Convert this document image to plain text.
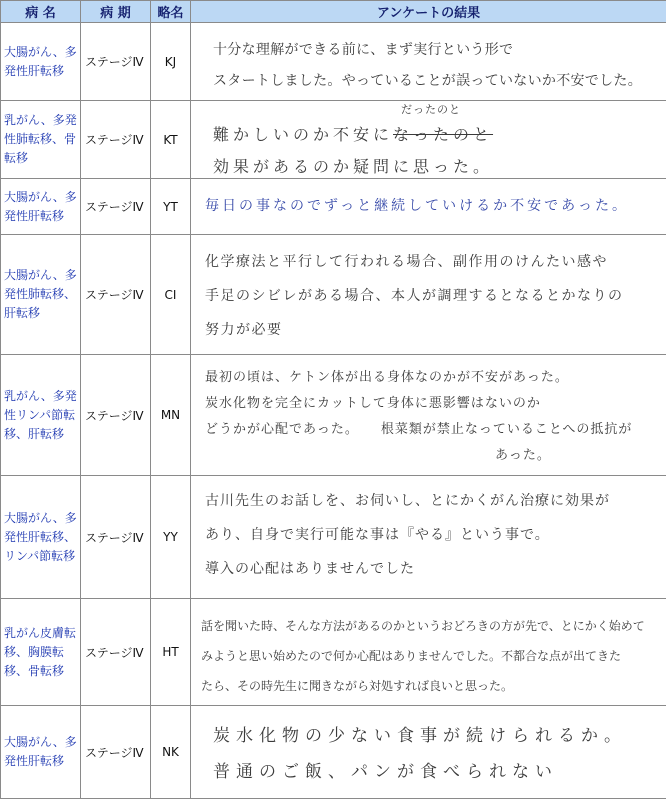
病 名	病 期	略名	アンケートの結果
大腸がん、多発性肝転移	ステージⅣ	KJ	十分な理解ができる前に、まず実行という形で
スタートしました。やっていることが誤っていないか不安でした。

乳がん、多発性肺転移、骨転移	ステージⅣ	KT	難かしいのか不安に
だったのと
なったのと
効果があるのか疑問に思った。

大腸がん、多発性肝転移	ステージⅣ	YT	毎日の事なのでずっと継続していけるか不安であった。

大腸がん、多発性肺転移、肝転移	ステージⅣ	CI	化学療法と平行して行われる場合、副作用のけんたい感や
手足のシビレがある場合、本人が調理するとなるとかなりの
努力が必要

乳がん、多発性リンパ節転移、肝転移	ステージⅣ	MN	最初の頃は、ケトン体が出る身体なのかが不安があった。
炭水化物を完全にカットして身体に悪影響はないのか
どうかが心配であった。 根菜類が禁止なっていることへの抵抗が
あった。

大腸がん、多発性肝転移、リンパ節転移	ステージⅣ	YY	古川先生のお話しを、お伺いし、とにかくがん治療に効果が
あり、自身で実行可能な事は『やる』という事で。
導入の心配はありませんでした

乳がん皮膚転移、胸膜転移、骨転移	ステージⅣ	HT	話を聞いた時、そんな方法があるのかというおどろきの方が先で、とにかく始めて
みようと思い始めたので何か心配はありませんでした。不都合な点が出てきた
たら、その時先生に聞きながら対処すれば良いと思った。

大腸がん、多発性肝転移	ステージⅣ	NK	炭水化物の少ない食事が続けられるか。
普通のご飯、パンが食べられない
